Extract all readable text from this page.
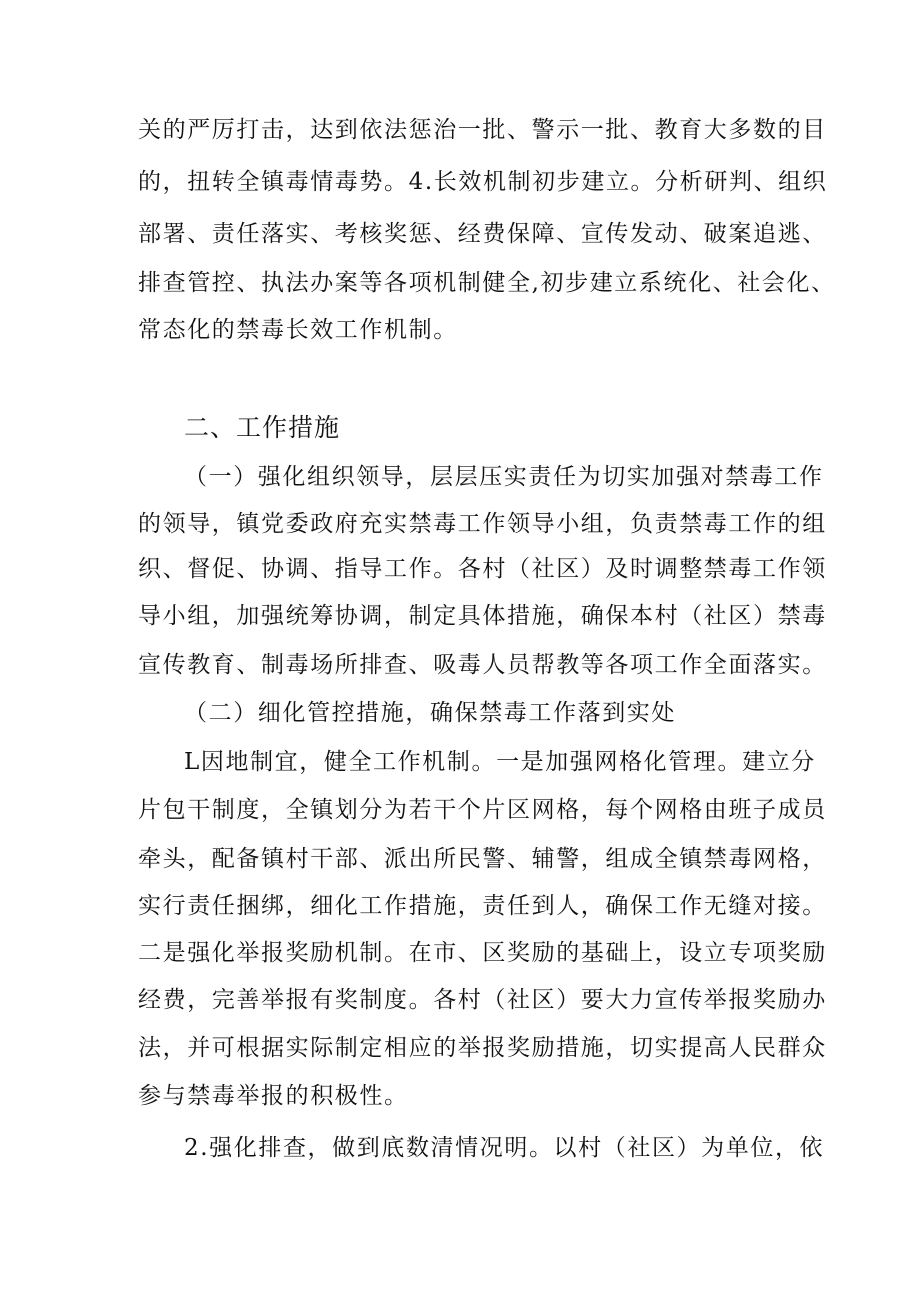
关的严厉打击，达到依法惩治一批、警示一批、教育大多数的目
的，扭转全镇毒情毒势。4.长效机制初步建立。分析研判、组织
部署、责任落实、考核奖惩、经费保障、宣传发动、破案追逃、
排查管控、执法办案等各项机制健全,初步建立系统化、社会化、
常态化的禁毒长效工作机制。
二、工作措施
（一）强化组织领导，层层压实责任为切实加强对禁毒工作
的领导，镇党委政府充实禁毒工作领导小组，负责禁毒工作的组
织、督促、协调、指导工作。各村（社区）及时调整禁毒工作领
导小组，加强统筹协调，制定具体措施，确保本村（社区）禁毒
宣传教育、制毒场所排查、吸毒人员帮教等各项工作全面落实。
（二）细化管控措施，确保禁毒工作落到实处
L因地制宜，健全工作机制。一是加强网格化管理。建立分
片包干制度，全镇划分为若干个片区网格，每个网格由班子成员
牵头，配备镇村干部、派出所民警、辅警，组成全镇禁毒网格，
实行责任捆绑，细化工作措施，责任到人，确保工作无缝对接。
二是强化举报奖励机制。在市、区奖励的基础上，设立专项奖励
经费，完善举报有奖制度。各村（社区）要大力宣传举报奖励办
法，并可根据实际制定相应的举报奖励措施，切实提高人民群众
参与禁毒举报的积极性。
2.强化排查，做到底数清情况明。以村（社区）为单位，依
